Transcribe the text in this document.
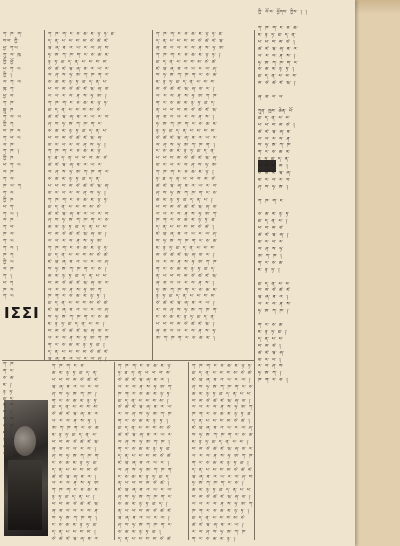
ཀྱི་ ལོ་བ་ ཕྱོགས་ ཀྱིས་ ༑ ༑
ཀ་ ཁ་ ག་
ས་བ་ ཀྱི་
ཕྱ་ ཀ་ཡ
ཀུ་ ལ་ ཁུ
ཀྱི་ ཕྱོ་
པ་ ཀ་ ཡ
ཀྱི་ ༑
ལ་ ཀ་ ལ
ཁུ་ ཀ་
ཕྱ་ ལ་
ཀ་ ཁ་
སྐུ་ ཁ
ཀ་ ལ་ ཡ
ཀྱི་ ཀ
བ་ ཁ་ ལ
ཀ་ ཕ་ ཡ
ལ་ ཁ་
ཀ་ ཁ་ ༑
ཀྱི་ ཁ
ཕ་ ཀ་ ཡ
ལ་ ཁ་
ཀ་ ལ་
ཁ་ ཡ་ ཀ
ཀ་ ལ
ཀྱི་ ཁ
ཕ་ ཀ་
ཀ་ ཡ ༑
ལ་ ཁ
ཀ་ ཕ་
ཁ་ ལ་
ཀ་ ཡ
ཀ་ ལ ༑
ཁ་ ཀ
ཀྱི་ ཡ
ལ་ ཁ་
ཀ་ ༑
ཕ་ ཀ
ཁ་ ལ
ཀ་ ཡ
ཀ་ ཁ་ ག་ ང་ ཅ་ ཆ་ ཇ་ ཉ་ ཏ་ ཐ་
ད་ ན་ པ་ ཕ་ བ་ མ་ ཙ་ ཚ་ ཛ་
ཝ་ ཞ་ ཟ་ འ་ ཡ་ ར་ ལ་ ཤ་ ས་
ཧ་ ཨ་ ཀ་ ཁ་ ག་ ང་ ཅ་ ཆ་ ཇ་
ཉ་ ཏ་ ཐ་ ད་ ན་ པ་ ཕ་ བ་ མ་
ཙ་ ཚ་ ཛ་ ཝ་ ཞ་ ཟ་ འ་ ཡ་ ར་
ལ་ ཤ་ ས་ ཧ་ ཨ་ ཀ་ ཁ་ ག་ ང་
ཅ་ ཆ་ ཇ་ ཉ་ ཏ་ ཐ་ ད་ ན་ པ་
ཕ་ བ་ མ་ ཙ་ ཚ་ ཛ་ ཝ་ ཞ་ ཟ་
འ་ ཡ་ ར་ ལ་ ཤ་ ས་ ཧ་ ཨ་ ༑
ཀ་ ཁ་ ག་ ང་ ཅ་ ཆ་ ཇ་ ཉ་ ཏ་
ཐ་ ད་ ན་ པ་ ཕ་ བ་ མ་ ཙ་
ཚ་ ཛ་ ཝ་ ཞ་ ཟ་ འ་ ཡ་ ར་ ལ་
ཤ་ ས་ ཧ་ ཨ་ ཀ་ ཁ་ ག་ ང་
ཅ་ ཆ་ ཇ་ ཉ་ ཏ་ ཐ་ ད་ ན་ པ་
ཕ་ བ་ མ་ ཙ་ ཚ་ ཛ་ ཝ་ ཞ་
ཟ་ འ་ ཡ་ ར་ ལ་ ཤ་ ས་ ཧ་ ༑
ཀ་ ཁ་ ག་ ང་ ཅ་ ཆ་ ཇ་ ཉ་
ཏ་ ཐ་ ད་ ན་ པ་ ཕ་ བ་ མ་ ཙ་
ཚ་ ཛ་ ཝ་ ཞ་ ཟ་ འ་ ཡ་ ར་
ལ་ ཤ་ ས་ ཧ་ ཨ་ ཀ་ ཁ་ ག་ ང་
ཅ་ ཆ་ ཇ་ ཉ་ ཏ་ ཐ་ ད་ ན་
པ་ ཕ་ བ་ མ་ ཙ་ ཚ་ ཛ་ ཝ་ ཞ་
ཟ་ འ་ ཡ་ ར་ ལ་ ཤ་ ས་ ཧ་ ༑
ཀ་ ཁ་ ག་ ང་ ཅ་ ཆ་ ཇ་ ཉ་ ཏ་
ཐ་ ད་ ན་ པ་ ཕ་ བ་ མ་ ཙ་
ཚ་ ཛ་ ཝ་ ཞ་ ཟ་ འ་ ཡ་ ར་ ལ་
ཤ་ ས་ ཧ་ ཨ་ ཀ་ ཁ་ ག་ ང་ ཅ་
ཆ་ ཇ་ ཉ་ ཏ་ ཐ་ ད་ ན་ པ་ ཕ་
བ་ མ་ ཙ་ ཚ་ ཛ་ ཝ་ ཞ་ ཟ་ ༑
འ་ ཡ་ ར་ ལ་ ཤ་ ས་ ཧ་ ཨ་
ཀ་ ཁ་ ག་ ང་ ཅ་ ཆ་ ཇ་ ཉ་ ཏ་
ཐ་ ད་ ན་ པ་ ཕ་ བ་ མ་ ཙ་ ཚ་
ཛ་ ཝ་ ཞ་ ཟ་ འ་ ཡ་ ར་ ལ་ ཤ་
ས་ ཧ་ ཨ་ ཀ་ ཁ་ ག་ ང་ ཅ་ ༑
ཆ་ ཇ་ ཉ་ ཏ་ ཐ་ ད་ ན་ པ་ ཕ་
བ་ མ་ ཙ་ ཚ་ ཛ་ ཝ་ ཞ་ ཟ་ འ་
ཡ་ ར་ ལ་ ཤ་ ས་ ཧ་ ཨ་ ཀ་
ཁ་ ག་ ང་ ཅ་ ཆ་ ཇ་ ཉ་ ཏ་ ༑
ཐ་ ད་ ན་ པ་ ཕ་ བ་ མ་ ཙ་ ཚ་
ཛ་ ཝ་ ཞ་ ཟ་ འ་ ཡ་ ར་ ལ་ ཤ་
ས་ ཧ་ ཨ་ ཀ་ ཁ་ ག་ ང་ ཅ་ ཆ་
ཇ་ ཉ་ ཏ་ ཐ་ ད་ ན་ པ་ ཕ་ ༑
བ་ མ་ ཙ་ ཚ་ ཛ་ ཝ་ ཞ་ ཟ་ འ་
ཡ་ ར་ ལ་ ཤ་ ས་ ཧ་ ཨ་ ཀ་ ཁ་
ག་ ང་ ཅ་ ཆ་ ཇ་ ཉ་ ཏ་ ཐ་ ༑
ད་ ན་ པ་ ཕ་ བ་ མ་ ཙ་ ཚ་ ཛ་

ཀ་ ཁ་ ག་ ང་ ཅ་ ཆ་ ཇ་ ཉ་ ཏ་ ཐ་
ད་ ན་ པ་ ཕ་ བ་ མ་ ཙ་ ཚ་ ཛ་ ཝ་
ཞ་ ཟ་ འ་ ཡ་ ར་ ལ་ ཤ་ ས་ ཧ་ ཨ་
ཀ་ ཁ་ ག་ ང་ ཅ་ ཆ་ ཇ་ ཉ་ ཏ་ ༑
ཐ་ ད་ ན་ པ་ ཕ་ བ་ མ་ ཙ་ ཚ་
ཛ་ ཝ་ ཞ་ ཟ་ འ་ ཡ་ ར་ ལ་ ཤ་
ས་ ཧ་ ཨ་ ཀ་ ཁ་ ག་ ང་ ཅ་ ཆ་
ཇ་ ཉ་ ཏ་ ཐ་ ད་ ན་ པ་ ཕ་ བ་
མ་ ཙ་ ཚ་ ཛ་ ཝ་ ཞ་ ཟ་ འ་ ༑
ཡ་ ར་ ལ་ ཤ་ ས་ ཧ་ ཨ་ ཀ་ ཁ་
ག་ ང་ ཅ་ ཆ་ ཇ་ ཉ་ ཏ་ ཐ་ ད་
ན་ པ་ ཕ་ བ་ མ་ ཙ་ ཚ་ ཛ་ ཝ་
ཞ་ ཟ་ འ་ ཡ་ ར་ ལ་ ཤ་ ས་ ༑
ཧ་ ཨ་ ཀ་ ཁ་ ག་ ང་ ཅ་ ཆ་ ཇ་
ཉ་ ཏ་ ཐ་ ད་ ན་ པ་ ཕ་ བ་ མ་
ཙ་ ཚ་ ཛ་ ཝ་ ཞ་ ཟ་ འ་ ཡ་ ར་
ལ་ ཤ་ ས་ ཧ་ ཨ་ ཀ་ ཁ་ ག་ ༑
ང་ ཅ་ ཆ་ ཇ་ ཉ་ ཏ་ ཐ་ ད་ ན་
པ་ ཕ་ བ་ མ་ ཙ་ ཚ་ ཛ་ ཝ་ ཞ་
ཟ་ འ་ ཡ་ ར་ ལ་ ཤ་ ས་ ཧ་ ཨ་
ཀ་ ཁ་ ག་ ང་ ཅ་ ཆ་ ཇ་ ཉ་ ༑
ཏ་ ཐ་ ད་ ན་ པ་ ཕ་ བ་ མ་ ཙ་
ཚ་ ཛ་ ཝ་ ཞ་ ཟ་ འ་ ཡ་ ར་ ལ་
ཤ་ ས་ ཧ་ ཨ་ ཀ་ ཁ་ ག་ ང་ ཅ་
ཆ་ ཇ་ ཉ་ ཏ་ ཐ་ ད་ ན་ པ་ ༑
ཕ་ བ་ མ་ ཙ་ ཚ་ ཛ་ ཝ་ ཞ་ ཟ་
འ་ ཡ་ ར་ ལ་ ཤ་ ས་ ཧ་ ཨ་ ཀ་
ཁ་ ག་ ང་ ཅ་ ཆ་ ཇ་ ཉ་ ཏ་ ཐ་
ད་ ན་ པ་ ཕ་ བ་ མ་ ཙ་ ཚ་ ༑
ཛ་ ཝ་ ཞ་ ཟ་ འ་ ཡ་ ར་ ལ་ ཤ་
ས་ ཧ་ ཨ་ ཀ་ ཁ་ ག་ ང་ ཅ་ ཆ་
ཇ་ ཉ་ ཏ་ ཐ་ ད་ ན་ པ་ ཕ་ བ་
མ་ ཙ་ ཚ་ ཛ་ ཝ་ ཞ་ ཟ་ འ་ ༑
ཡ་ ར་ ལ་ ཤ་ ས་ ཧ་ ཨ་ ཀ་ ཁ་
ག་ ང་ ཅ་ ཆ་ ཇ་ ཉ་ ཏ་ ཐ་ ད་
ན་ པ་ ཕ་ བ་ མ་ ཙ་ ཚ་ ཛ་ ཝ་
ཞ་ ཟ་ འ་ ཡ་ ར་ ལ་ ཤ་ ས་ ༑
ཧ་ ཨ་ ཀ་ ཁ་ ག་ ང་ ཅ་ ཆ་ ཇ་
ཉ་ ཏ་ ཐ་ ད་ ན་ པ་ ཕ་ བ་ མ་
ཙ་ ཚ་ ཛ་ ཝ་ ཞ་ ཟ་ འ་ ཡ་ ༑
ར་ ལ་ ཤ་ ས་ ཧ་ ཨ་ ཀ་ ཁ་ ག་
ང་ ཅ་ ཆ་ ཇ་ ཉ་ ཏ་ ཐ་ ད་ ན་
པ་ ཕ་ བ་ མ་ ཙ་ ཚ་ ཛ་ ཝ་ ༑
ཞ་ ཟ་ འ་ ཡ་ ར་ ལ་ ཤ་ ས་ ཧ་
ཨ་ ཀ་ ཁ་ ག་ ང་ ཅ་ ཆ་ ཇ་ ༑
ཀ་ ཁ་ ག་ ང་ ཅ་ ཆ་
ཇ་ ཉ་ ཏ་ ཐ་ ད་ ན་
པ་ ཕ་ བ་ མ་ ཙ་ ༑
ཚ་ ཛ་ ཝ་ ཞ་ ཟ་ འ་
ཡ་ ར་ ལ་ ཤ་ ས་ ༑
ཧ་ ཨ་ ཀ་ ཁ་ ག་ ང་
ཅ་ ཆ་ ཇ་ ཉ་ ཏ་ ༑
ཐ་ ད་ ན་ པ་ ཕ་ བ་
མ་ ཙ་ ཚ་ ཛ་ ཝ་ ༑

ཞ་ ཟ་ འ་ ཡ་

ཀུན་ ཁྱབ་ ཆེན་ པོ་
ཐ་ ད་ ན་ པ་ ཕ་
པ་ ཕ་ བ་ མ་ ཙ་ ༑
ཚ་ ཛ་ ཝ་ ཞ་ ཟ་
འ་ ཡ་ ར་ ལ་ ཤ་
ས་ ཧ་ ཨ་ ཀ་ ཁ་
ག་ ང་ ཅ་ ཆ་ ཇ་
ཉ་ ཏ་ ཐ་ ད་ ན་
པ་ ཕ་ བ་ མ་ ༑
ཙ་ ཚ་ ཛ་ ཝ་ ཞ་
ཟ་ འ་ ཡ་ ར་ ལ་
ཤ་ ས་ ཧ་ ཨ་ ༑

ཀ་ ཁ་ ག་ ང་

ཅ་ ཆ་ ཇ་ ཉ་ ཏ་
ཐ་ ད་ ན་ པ་ ༑
ཕ་ བ་ མ་ ཙ་
ཚ་ ཛ་ ཝ་ ཞ་ ༑
ཟ་ འ་ ཡ་ ར་
ལ་ ཤ་ ས་ ཧ་
ཨ་ ཀ་ ཁ་ ༑
ག་ ང་ ཅ་ ཆ་
ཇ་ ཉ་ ཏ་ ༑

ཐ་ ད་ ན་ པ་ ཕ་
བ་ མ་ ཙ་ ཚ་ ཛ་
ཝ་ ཞ་ ཟ་ འ་ ༑
ཡ་ ར་ ལ་ ཤ་ ས་
ཧ་ ཨ་ ཀ་ ཁ་ ༑

ག་ ང་ ཅ་ ཆ་
ཇ་ ཉ་ ཏ་ ཐ་ ༑
ད་ ན་ པ་ ཕ་
བ་ མ་ ཙ་ ༑
ཚ་ ཛ་ ཝ་ ཞ་
ཟ་ འ་ ཡ་ ༑
ར་ ལ་ ཤ་ ས་
ཧ་ ཨ་ ཀ་ ༑
ཁ་ ག་ ང་ ཅ་ ༑
ΙΣΣΙ
ཀ་ ཁ་
ག་ ང་
ཅ་ ཆ་
ཇ་ ༑
ཉ་ ཏ་
ཐ་ ད་
ན་ པ་
ཕ་ ༑
བ་ མ་
ཙ་ ཚ་
ཛ་ ༑
ཝ་ ཞ་
ཟ་ འ་
ཡ་ ༑
ཀ་ ཁ་ ག་ ང་ ཅ་
ཆ་ ཇ་ ཉ་ ཏ་ ཐ་ ད་ ན་
པ་ ཕ་ བ་ མ་ ཙ་ ཚ་ ཛ་
ཝ་ ཞ་ ཟ་ འ་ ཡ་ ར་ ལ་
ཤ་ ས་ ཧ་ ཨ་ ཀ་ ཁ་ ༑
ག་ ང་ ཅ་ ཆ་ ཇ་ ཉ་ ཏ་
ཐ་ ད་ ན་ པ་ ཕ་ བ་ མ་
ཙ་ ཚ་ ཛ་ ཝ་ ཞ་ ཟ་ འ་
ཡ་ ར་ ལ་ ཤ་ ས་ ཧ་ ༑
ཨ་ ཀ་ ཁ་ ག་ ང་ ཅ་ ཆ་
ཇ་ ཉ་ ཏ་ ཐ་ ད་ ན་ པ་
ཕ་ བ་ མ་ ཙ་ ཚ་ ཛ་ ཝ་
ཞ་ ཟ་ འ་ ཡ་ ར་ ལ་ ༑
ཤ་ ས་ ཧ་ ཨ་ ཀ་ ཁ་ ག་
ང་ ཅ་ ཆ་ ཇ་ ཉ་ ཏ་ ཐ་
ད་ ན་ པ་ ཕ་ བ་ མ་ ཙ་
ཚ་ ཛ་ ཝ་ ཞ་ ཟ་ འ་ ༑
ཡ་ ར་ ལ་ ཤ་ ས་ ཧ་ ཨ་
ཀ་ ཁ་ ག་ ང་ ཅ་ ཆ་ ཇ་
ཉ་ ཏ་ ཐ་ ད་ ན་ པ་ ༑
ཕ་ བ་ མ་ ཙ་ ཚ་ ཛ་ ཝ་
ཞ་ ཟ་ འ་ ཡ་ ར་ ལ་ ཤ་
ས་ ཧ་ ཨ་ ཀ་ ཁ་ ག་ ༑
ང་ ཅ་ ཆ་ ཇ་ ཉ་ ཏ་ ཐ་
ད་ ན་ པ་ ཕ་ བ་ མ་ ༑
ཙ་ ཚ་ ཛ་ ཝ་ ཞ་ ཟ་ འ་
ཀ་ ཁ་ ག་ ང་ ཅ་ ཆ་ ཇ་ ཉ་
ཏ་ ཐ་ ད་ ན་ པ་ ཕ་ བ་ མ་
ཙ་ ཚ་ ཛ་ ཝ་ ཞ་ ཟ་ འ་ ༑
ཡ་ ར་ ལ་ ཤ་ ས་ ཧ་ ཨ་ ཀ་
ཁ་ ག་ ང་ ཅ་ ཆ་ ཇ་ ཉ་ ཏ་
ཐ་ ད་ ན་ པ་ ཕ་ བ་ མ་ ༑
ཙ་ ཚ་ ཛ་ ཝ་ ཞ་ ཟ་ འ་ ཡ་
ར་ ལ་ ཤ་ ས་ ཧ་ ཨ་ ཀ་ ཁ་
ག་ ང་ ཅ་ ཆ་ ཇ་ ཉ་ ཏ་ ༑
ཐ་ ད་ ན་ པ་ ཕ་ བ་ མ་ ཙ་
ཚ་ ཛ་ ཝ་ ཞ་ ཟ་ འ་ ཡ་ ར་
ལ་ ཤ་ ས་ ཧ་ ཨ་ ཀ་ ཁ་ ༑
ག་ ང་ ཅ་ ཆ་ ཇ་ ཉ་ ཏ་ ཐ་
ད་ ན་ པ་ ཕ་ བ་ མ་ ཙ་ ཚ་
ཛ་ ཝ་ ཞ་ ཟ་ འ་ ཡ་ ར་ ༑
ལ་ ཤ་ ས་ ཧ་ ཨ་ ཀ་ ཁ་ ག་
ང་ ཅ་ ཆ་ ཇ་ ཉ་ ཏ་ ཐ་ ད་
ན་ པ་ ཕ་ བ་ མ་ ཙ་ ཚ་ ༑
ཛ་ ཝ་ ཞ་ ཟ་ འ་ ཡ་ ར་ ལ་
ཤ་ ས་ ཧ་ ཨ་ ཀ་ ཁ་ ག་ ང་
ཅ་ ཆ་ ཇ་ ཉ་ ཏ་ ཐ་ ད་ ༑
ན་ པ་ ཕ་ བ་ མ་ ཙ་ ཚ་ ཛ་
ཝ་ ཞ་ ཟ་ འ་ ཡ་ ར་ ལ་ ༑
ཤ་ ས་ ཧ་ ཨ་ ཀ་ ཁ་ ག་ ང་
ཅ་ ཆ་ ཇ་ ཉ་ ཏ་ ཐ་ ༑
ད་ ན་ པ་ ཕ་ བ་ མ་ ཙ་ ཚ་
ཀ་ ཁ་ ག་ ང་ ཅ་ ཆ་ ཇ་ ཉ་ ཏ་
ཐ་ ད་ ན་ པ་ ཕ་ བ་ མ་ ཙ་ ཚ་
ཛ་ ཝ་ ཞ་ ཟ་ འ་ ཡ་ ར་ ལ་ ༑
ཤ་ ས་ ཧ་ ཨ་ ཀ་ ཁ་ ག་ ང་ ཅ་
ཆ་ ཇ་ ཉ་ ཏ་ ཐ་ ད་ ན་ པ་ ཕ་
བ་ མ་ ཙ་ ཚ་ ཛ་ ཝ་ ཞ་ ཟ་ ༑
འ་ ཡ་ ར་ ལ་ ཤ་ ས་ ཧ་ ཨ་ ཀ་
ཁ་ ག་ ང་ ཅ་ ཆ་ ཇ་ ཉ་ ཏ་ ཐ་
ད་ ན་ པ་ ཕ་ བ་ མ་ ཙ་ ཚ་ ༑
ཛ་ ཝ་ ཞ་ ཟ་ འ་ ཡ་ ར་ ལ་ ཤ་
ས་ ཧ་ ཨ་ ཀ་ ཁ་ ག་ ང་ ཅ་ ཆ་
ཇ་ ཉ་ ཏ་ ཐ་ ད་ ན་ པ་ ཕ་ ༑
བ་ མ་ ཙ་ ཚ་ ཛ་ ཝ་ ཞ་ ཟ་ འ་
ཡ་ ར་ ལ་ ཤ་ ས་ ཧ་ ཨ་ ཀ་ ཁ་
ག་ ང་ ཅ་ ཆ་ ཇ་ ཉ་ ཏ་ ཐ་ ༑
ད་ ན་ པ་ ཕ་ བ་ མ་ ཙ་ ཚ་ ཛ་
ཝ་ ཞ་ ཟ་ འ་ ཡ་ ར་ ལ་ ཤ་ ས་
ཧ་ ཨ་ ཀ་ ཁ་ ག་ ང་ ཅ་ ༑
ཆ་ ཇ་ ཉ་ ཏ་ ཐ་ ད་ ན་ པ་ ཕ་
བ་ མ་ ཙ་ ཚ་ ཛ་ ཝ་ ཞ་ ཟ་ ༑
འ་ ཡ་ ར་ ལ་ ཤ་ ས་ ཧ་ ཨ་ ཀ་
ཁ་ ག་ ང་ ཅ་ ཆ་ ཇ་ ཉ་ ཏ་ ༑
ཐ་ ད་ ན་ པ་ ཕ་ བ་ མ་ ཙ་
ཚ་ ཛ་ ཝ་ ཞ་ ཟ་ འ་ ཡ་ ༑
ར་ ལ་ ཤ་ ས་ ཧ་ ཨ་ ཀ་ ཁ་
ག་ ང་ ཅ་ ཆ་ ཇ་ ཉ་ ༑
